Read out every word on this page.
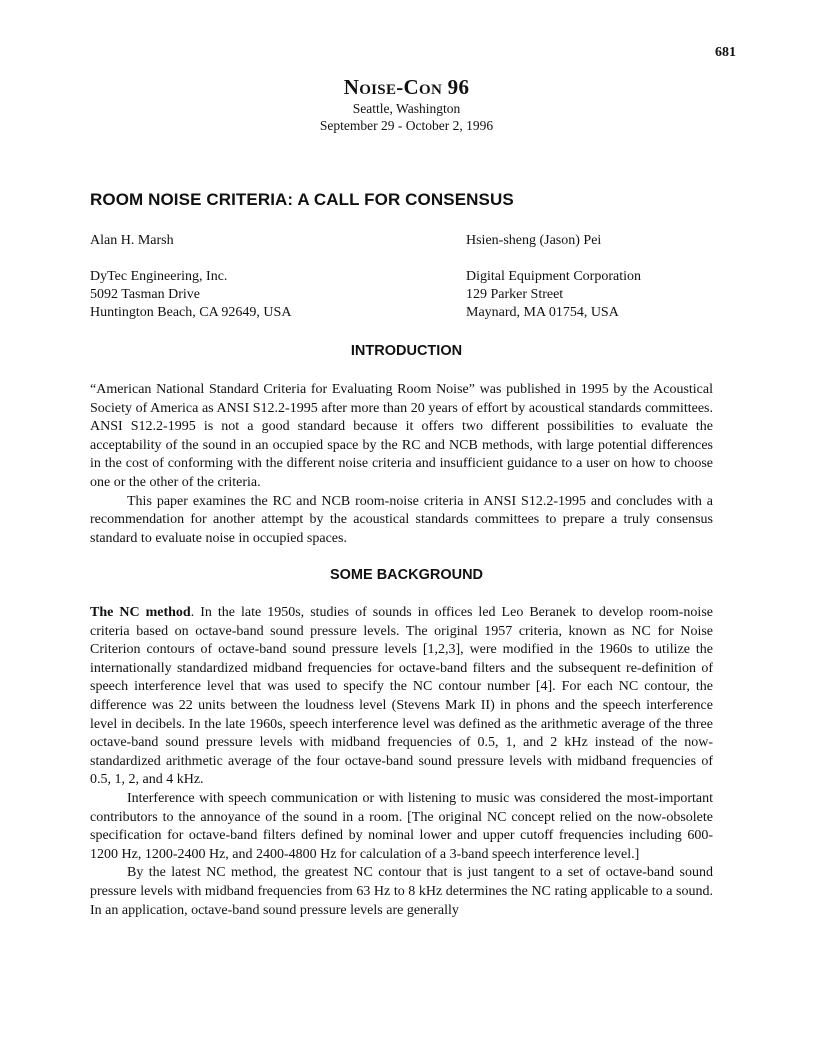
681
Noise-Con 96
Seattle, Washington
September 29 - October 2, 1996
ROOM NOISE CRITERIA: A CALL FOR CONSENSUS
Alan H. Marsh
DyTec Engineering, Inc.
5092 Tasman Drive
Huntington Beach, CA 92649, USA
Hsien-sheng (Jason) Pei
Digital Equipment Corporation
129 Parker Street
Maynard, MA 01754, USA
INTRODUCTION

“American National Standard Criteria for Evaluating Room Noise” was published in 1995 by the Acoustical Society of America as ANSI S12.2-1995 after more than 20 years of effort by acoustical standards committees. ANSI S12.2-1995 is not a good standard because it offers two different possibilities to evaluate the acceptability of the sound in an occupied space by the RC and NCB methods, with large potential differences in the cost of conforming with the different noise criteria and insufficient guidance to a user on how to choose one or the other of the criteria.

This paper examines the RC and NCB room-noise criteria in ANSI S12.2-1995 and concludes with a recommendation for another attempt by the acoustical standards committees to prepare a truly consensus standard to evaluate noise in occupied spaces.

SOME BACKGROUND

The NC method. In the late 1950s, studies of sounds in offices led Leo Beranek to develop room-noise criteria based on octave-band sound pressure levels. The original 1957 criteria, known as NC for Noise Criterion contours of octave-band sound pressure levels [1,2,3], were modified in the 1960s to utilize the internationally standardized midband frequencies for octave-band filters and the subsequent re-definition of speech interference level that was used to specify the NC contour number [4]. For each NC contour, the difference was 22 units between the loudness level (Stevens Mark II) in phons and the speech interference level in decibels. In the late 1960s, speech interference level was defined as the arithmetic average of the three octave-band sound pressure levels with midband frequencies of 0.5, 1, and 2 kHz instead of the now-standardized arithmetic average of the four octave-band sound pressure levels with midband frequencies of 0.5, 1, 2, and 4 kHz.

Interference with speech communication or with listening to music was considered the most-important contributors to the annoyance of the sound in a room. [The original NC concept relied on the now-obsolete specification for octave-band filters defined by nominal lower and upper cutoff frequencies including 600-1200 Hz, 1200-2400 Hz, and 2400-4800 Hz for calculation of a 3-band speech interference level.]

By the latest NC method, the greatest NC contour that is just tangent to a set of octave-band sound pressure levels with midband frequencies from 63 Hz to 8 kHz determines the NC rating applicable to a sound. In an application, octave-band sound pressure levels are generally
